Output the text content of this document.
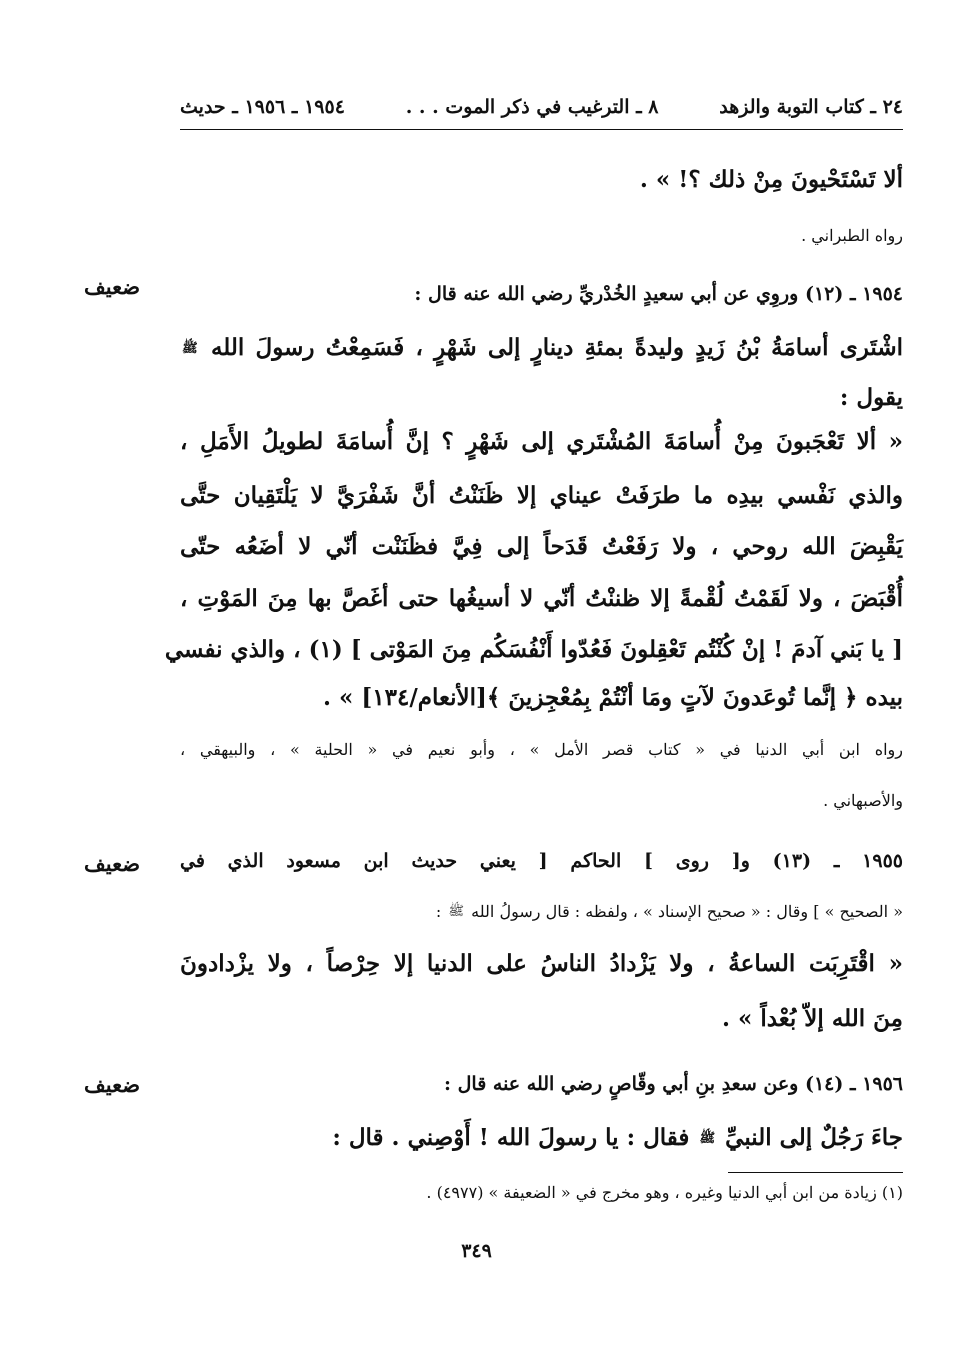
٢٤ ـ كتاب التوبة والزهد
٨ ـ الترغيب في ذكر الموت . . .
١٩٥٤ ـ ١٩٥٦ ـ حديث
ألا تَسْتَحْيونَ مِنْ ذلك ؟! » .
رواه الطبراني .
ضعيف	١٩٥٤ ـ (١٢) وروِي عن أبي سعيدٍ الخُدْريِّ رضي الله عنه قال :
اشْتَرى أسامَةُ بْنُ زَيدٍ وليدةً بمئةِ دينارٍ إلى شَهْرٍ ، فَسَمِعْتُ رسولَ الله ﷺ
يقول :
« ألا تَعْجَبونَ مِنْ أُسامَةَ المُشْتَري إلى شَهْرٍ ؟ إنَّ أُسامَةَ لطويلُ الأَمَلِ ،
والذي نَفْسي بيدِه ما طرَفَتْ عيناي إلا ظَنَنْتُ أنَّ شَفْرَيَّ لا يَلْتَقِيان حتَّى
يَقْبِضَ الله روحي ، ولا رَفَعْتُ قَدَحاً إلى فِيَّ فظَنَنْت أنّي لا أضَعُه حتّى
أُقْبَضَ ، ولا لَقَمْتُ لُقْمةً إلا ظننْتُ أنّي لا أسيغُها حتى أغَصَّ بها مِنَ المَوْتِ ،
[ يا بَني آدمَ ! إنْ كُنْتُم تَعْقِلونَ فَعُدّوا أَنْفُسَكُم مِنَ المَوْتى ] (١) ، والذي نفسي
بيده ﴿ إنَّما تُوعَدونَ لآتٍ ومَا أنْتُمْ بِمُعْجِزينَ ﴾[الأنعام/١٣٤] » .
رواه ابن أبي الدنيا في « كتاب قصر الأمل » ، وأبو نعيم في « الحلية » ، والبيهقي ،
والأصبهاني .
ضعيف	١٩٥٥ ـ (١٣) و[ روى ] الحاكم [ يعني حديث ابن مسعود الذي في
« الصحيح » ] وقال : « صحيح الإسناد » ، ولفظه : قال رسولُ الله ﷺ :
« اقْتَرِبَت الساعةُ ، ولا يَزْدادُ الناسُ على الدنيا إلا حِرْصاً ، ولا يزْدادونَ
مِنَ الله إلاّ بُعْداً » .
ضعيف	١٩٥٦ ـ (١٤) وعن سعدِ بنِ أبي وقّاصٍ رضي الله عنه قال :
جاءَ رَجُلٌ إلى النبيِّ ﷺ فقال : يا رسولَ الله ! أَوْصِني . قال :
(١) زيادة من ابن أبي الدنيا وغيره ، وهو مخرج في « الضعيفة » (٤٩٧٧) .
٣٤٩
